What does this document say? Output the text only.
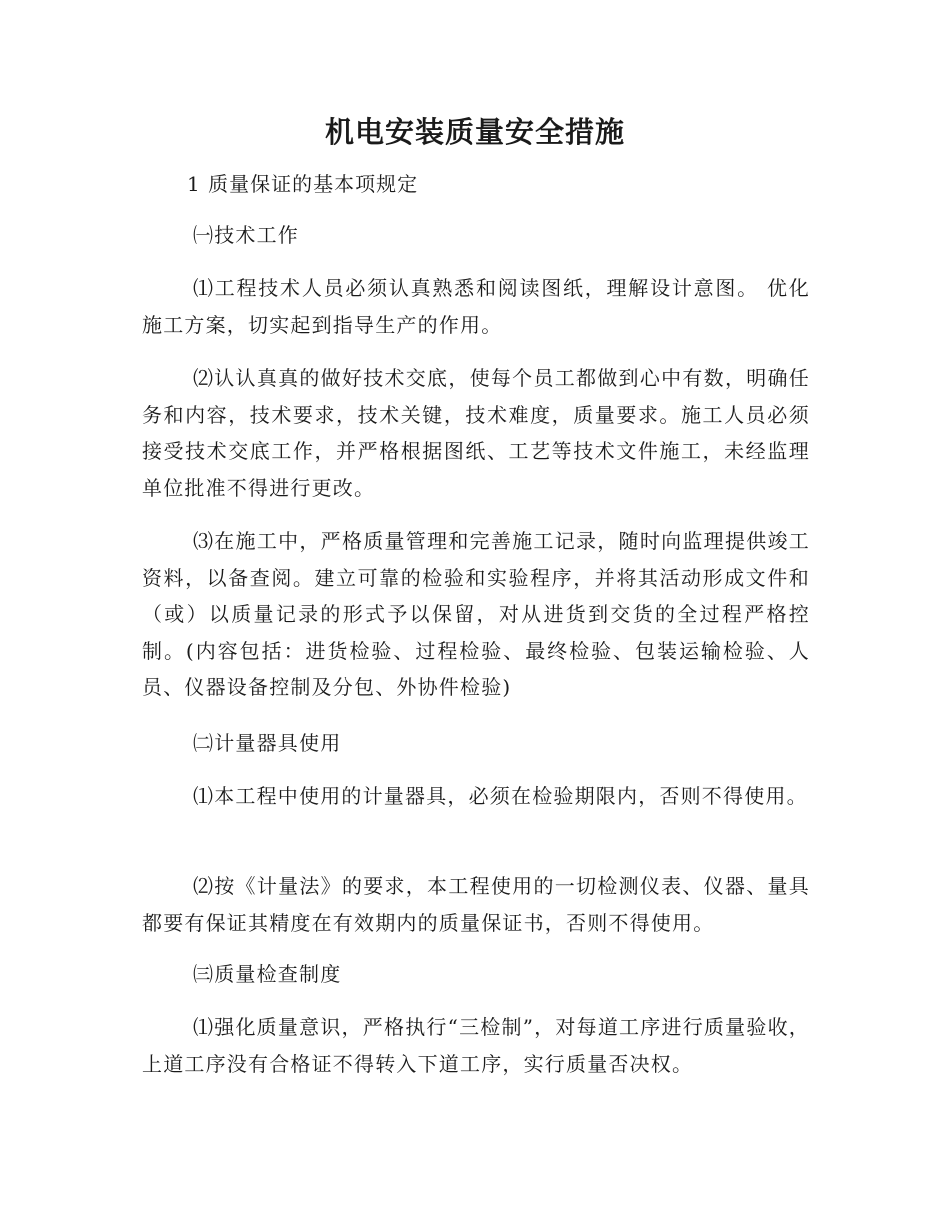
机电安装质量安全措施
1 质量保证的基本项规定
㈠技术工作

⑴工程技术人员必须认真熟悉和阅读图纸，理解设计意图。 优化施工方案，切实起到指导生产的作用。

⑵认认真真的做好技术交底，使每个员工都做到心中有数，明确任务和内容，技术要求，技术关键，技术难度，质量要求。施工人员必须接受技术交底工作，并严格根据图纸、工艺等技术文件施工，未经监理单位批准不得进行更改。

⑶在施工中，严格质量管理和完善施工记录，随时向监理提供竣工资料，以备查阅。建立可靠的检验和实验程序，并将其活动形成文件和（或）以质量记录的形式予以保留，对从进货到交货的全过程严格控制。(内容包括：进货检验、过程检验、最终检验、包装运输检验、人员、仪器设备控制及分包、外协件检验)

㈡计量器具使用

⑴本工程中使用的计量器具，必须在检验期限内，否则不得使用。

⑵按《计量法》的要求，本工程使用的一切检测仪表、仪器、量具都要有保证其精度在有效期内的质量保证书，否则不得使用。

㈢质量检查制度

⑴强化质量意识，严格执行“三检制”，对每道工序进行质量验收，上道工序没有合格证不得转入下道工序，实行质量否决权。
